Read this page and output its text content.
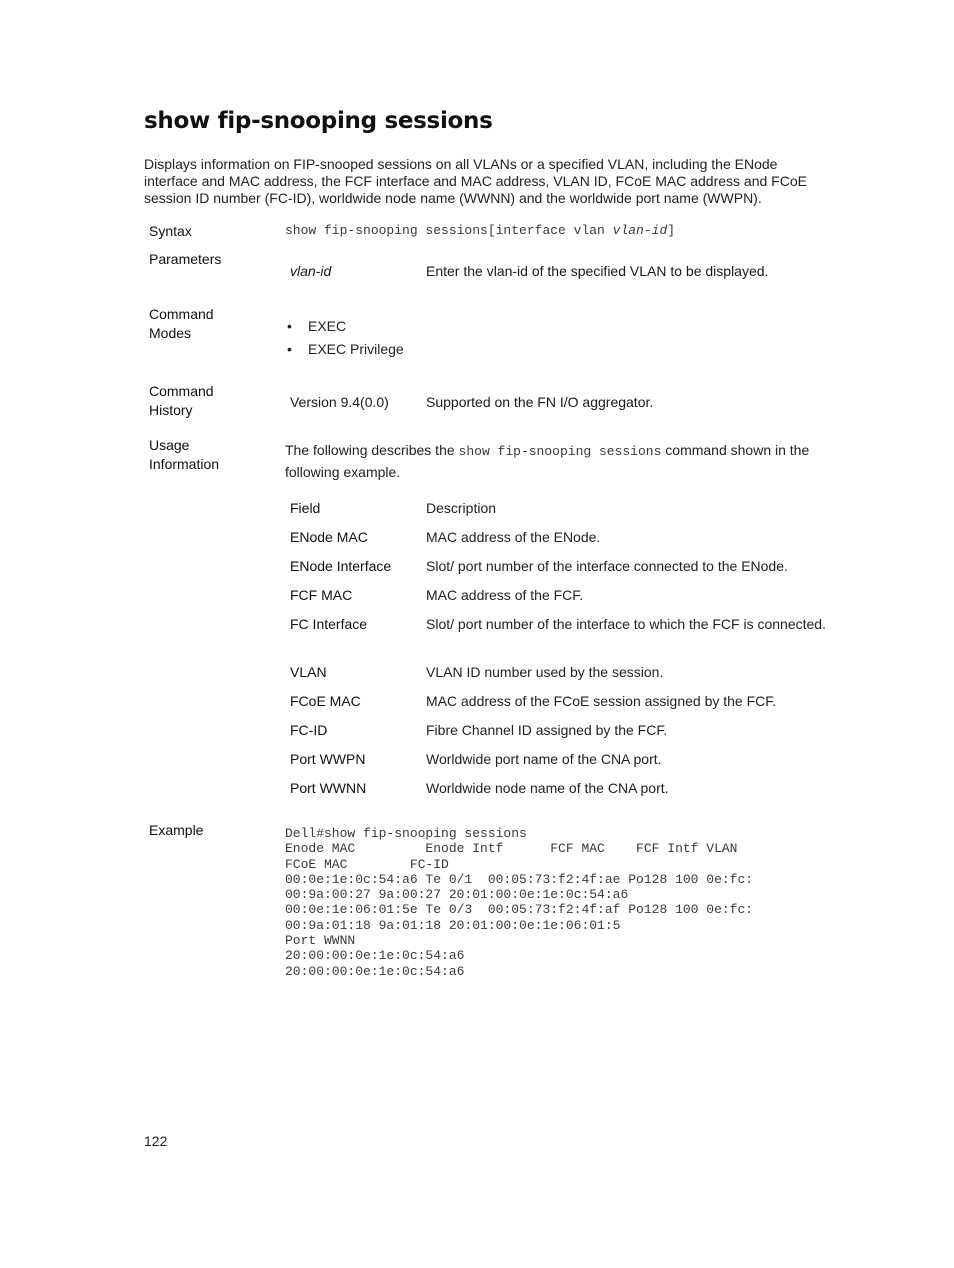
show fip-snooping sessions

Displays information on FIP-snooped sessions on all VLANs or a specified VLAN, including the ENode interface and MAC address, the FCF interface and MAC address, VLAN ID, FCoE MAC address and FCoE session ID number (FC-ID), worldwide node name (WWNN) and the worldwide port name (WWPN).

Syntax	show fip-snooping sessions[interface vlan vlan-id]
Parameters
vlan-id	Enter the vlan-id of the specified VLAN to be displayed.
Command
Modes
•	EXEC
• EXEC Privilege
Command
History	Version 9.4(0.0)	Supported on the FN I/O aggregator.
Usage
Information

The following describes the show fip-snooping sessions command shown in the following example.

Field	Description
ENode MAC	MAC address of the ENode.
ENode Interface	Slot/ port number of the interface connected to the ENode.
FCF MAC	MAC address of the FCF.
FC Interface	Slot/ port number of the interface to which the FCF is connected.
VLAN	VLAN ID number used by the session.
FCoE MAC	MAC address of the FCoE session assigned by the FCF.
FC-ID	Fibre Channel ID assigned by the FCF.
Port WWPN	Worldwide port name of the CNA port.
Port WWNN	Worldwide node name of the CNA port.
Example	Dell#show fip-snooping sessions
Enode MAC         Enode Intf      FCF MAC    FCF Intf VLAN
FCoE MAC        FC-ID
00:0e:1e:0c:54:a6 Te 0/1  00:05:73:f2:4f:ae Po128 100 0e:fc:
00:9a:00:27 9a:00:27 20:01:00:0e:1e:0c:54:a6
00:0e:1e:06:01:5e Te 0/3  00:05:73:f2:4f:af Po128 100 0e:fc:
00:9a:01:18 9a:01:18 20:01:00:0e:1e:06:01:5
Port WWNN
20:00:00:0e:1e:0c:54:a6
20:00:00:0e:1e:0c:54:a6
122
